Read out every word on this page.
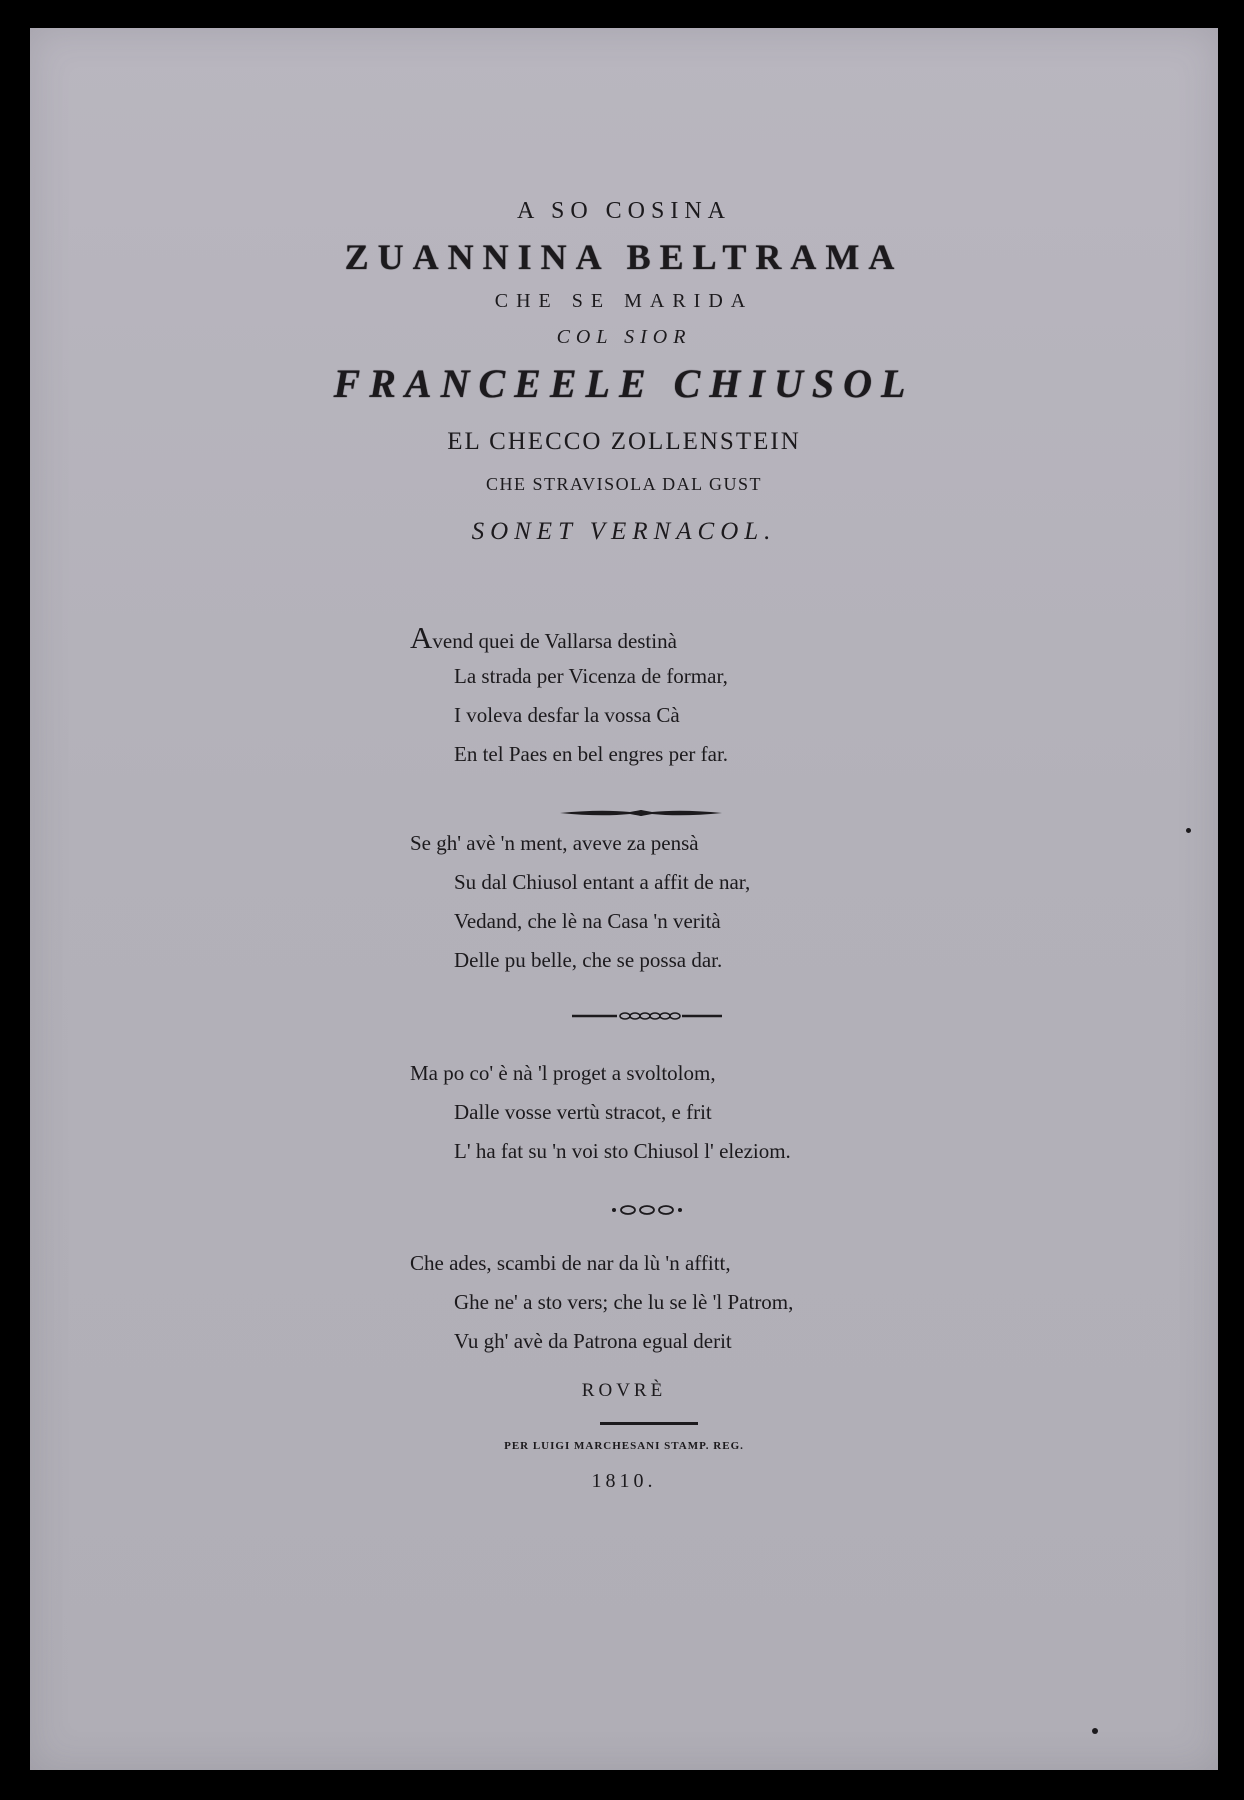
A SO COSINA
ZUANNINA BELTRAMA
CHE SE MARIDA
COL SIOR
FRANCEELE CHIUSOL
EL CHECCO ZOLLENSTEIN
CHE STRAVISOLA DAL GUST
SONET VERNACOL.
Avend quei de Vallarsa destinà
La strada per Vicenza de formar,
I voleva desfar la vossa Cà
En tel Paes en bel engres per far.
Se gh' avè 'n ment, aveve za pensà
Su dal Chiusol entant a affit de nar,
Vedand, che lè na Casa 'n verità
Delle pu belle, che se possa dar.
Ma po co' è nà 'l proget a svoltolom,
Dalle vosse vertù stracot, e frit
L' ha fat su 'n voi sto Chiusol l' eleziom.
Che ades, scambi de nar da lù 'n affitt,
Ghe ne' a sto vers; che lu se lè 'l Patrom,
Vu gh' avè da Patrona egual derit
ROVRÈ
PER LUIGI MARCHESANI STAMP. REG.
1810.
